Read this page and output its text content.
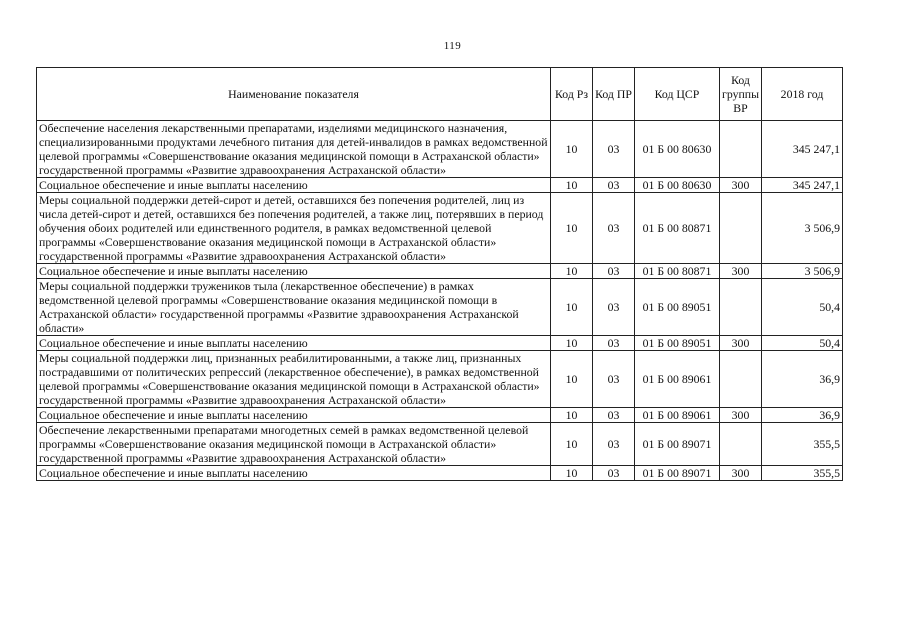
119
Наименование показателя	Код Рз	Код ПР	Код ЦСР	Код группы ВР	2018 год
Обеспечение населения лекарственными препаратами, изделиями медицинского назначения, специализированными продуктами лечебного питания для детей-инвалидов в рамках ведомственной целевой программы «Совершенствование оказания медицинской помощи в Астраханской области» государственной программы «Развитие здравоохранения Астраханской области»	10	03	01 Б 00 80630		345 247,1
Социальное обеспечение и иные выплаты населению	10	03	01 Б 00 80630	300	345 247,1
Меры социальной поддержки детей-сирот и детей, оставшихся без попечения родителей, лиц из числа детей-сирот и детей, оставшихся без попечения родителей, а также лиц, потерявших в период обучения обоих родителей или единственного родителя, в рамках ведомственной целевой программы «Совершенствование оказания медицинской помощи в Астраханской области» государственной программы «Развитие здравоохранения Астраханской области»	10	03	01 Б 00 80871		3 506,9
Социальное обеспечение и иные выплаты населению	10	03	01 Б 00 80871	300	3 506,9
Меры социальной поддержки тружеников тыла (лекарственное обеспечение) в рамках ведомственной целевой программы «Совершенствование оказания медицинской помощи в Астраханской области» государственной программы «Развитие здравоохранения Астраханской области»	10	03	01 Б 00 89051		50,4
Социальное обеспечение и иные выплаты населению	10	03	01 Б 00 89051	300	50,4
Меры социальной поддержки лиц, признанных реабилитированными, а также лиц, признанных пострадавшими от политических репрессий (лекарственное обеспечение), в рамках ведомственной целевой программы «Совершенствование оказания медицинской помощи в Астраханской области» государственной программы «Развитие здравоохранения Астраханской области»	10	03	01 Б 00 89061		36,9
Социальное обеспечение и иные выплаты населению	10	03	01 Б 00 89061	300	36,9
Обеспечение лекарственными препаратами многодетных семей в рамках ведомственной целевой программы «Совершенствование оказания медицинской помощи в Астраханской области» государственной программы «Развитие здравоохранения Астраханской области»	10	03	01 Б 00 89071		355,5
Социальное обеспечение и иные выплаты населению	10	03	01 Б 00 89071	300	355,5
